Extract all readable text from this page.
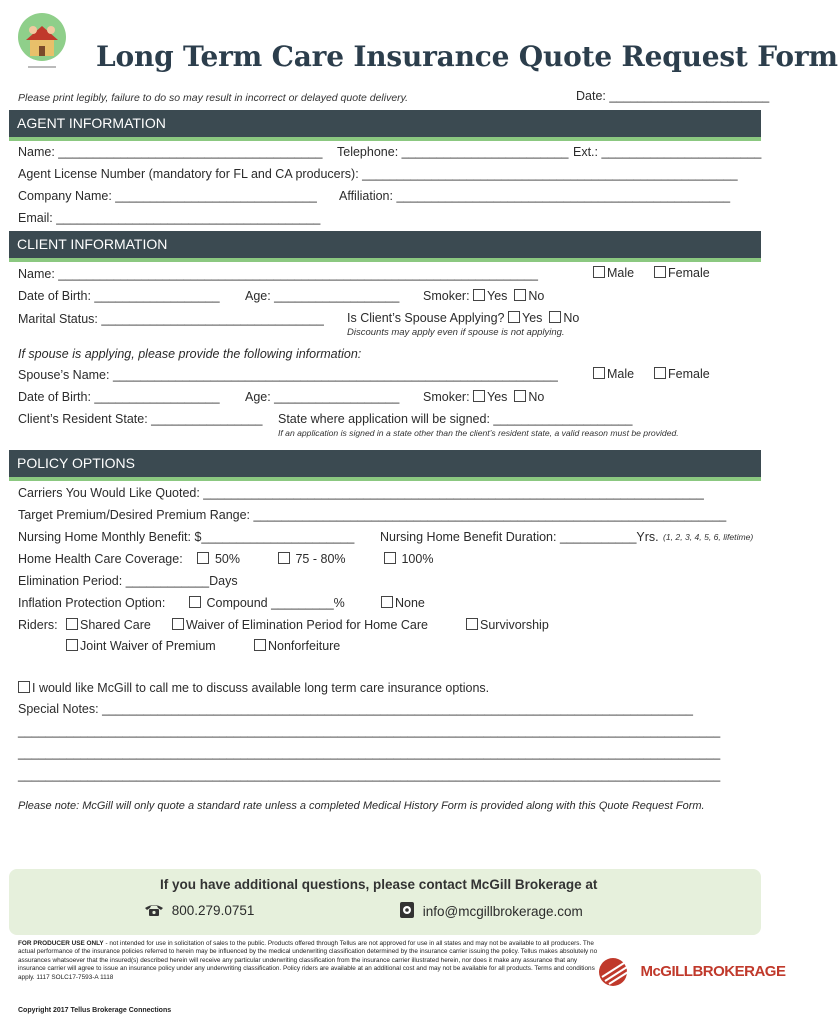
Long Term Care Insurance Quote Request Form
Please print legibly, failure to do so may result in incorrect or delayed quote delivery.	Date: _______________________
AGENT INFORMATION
Name: ______________________________________ Telephone: ________________________ Ext.: _______________________
Agent License Number (mandatory for FL and CA producers): ______________________________________________________
Company Name: _____________________________ Affiliation: ________________________________________________
Email: ______________________________________
CLIENT INFORMATION
Name: _____________________________________________________________________	Male	Female
Date of Birth: __________________ Age: __________________ Smoker: Yes No
Marital Status: ________________________________ Is Client’s Spouse Applying? Yes No
Discounts may apply even if spouse is not applying.
If spouse is applying, please provide the following information:
Spouse’s Name: ________________________________________________________________	Male	Female
Date of Birth: __________________ Age: __________________ Smoker: Yes No
Client’s Resident State: ________________ State where application will be signed: ____________________
If an application is signed in a state other than the client’s resident state, a valid reason must be provided.
POLICY OPTIONS
Carriers You Would Like Quoted: ________________________________________________________________________
Target Premium/Desired Premium Range: ____________________________________________________________________
Nursing Home Monthly Benefit: $______________________ Nursing Home Benefit Duration: ___________Yrs. (1, 2, 3, 4, 5, 6, lifetime)
Home Health Care Coverage:	50%	75 - 80%	100%
Elimination Period: ____________Days
Inflation Protection Option:	Compound _________%	None
Riders:	Shared Care	Waiver of Elimination Period for Home Care	Survivorship
Joint Waiver of Premium	Nonforfeiture
I would like McGill to call me to discuss available long term care insurance options.
Special Notes: _____________________________________________________________________________________
_____________________________________________________________________________________________________
_____________________________________________________________________________________________________
_____________________________________________________________________________________________________
Please note: McGill will only quote a standard rate unless a completed Medical History Form is provided along with this Quote Request Form.
If you have additional questions, please contact McGill Brokerage at
800.279.0751	info@mcgillbrokerage.com
FOR PRODUCER USE ONLY - not intended for use in solicitation of sales to the public. Products offered through Tellus are not approved for use in all states and may not be available to all producers. The actual performance of the insurance policies referred to herein may be influenced by the medical underwriting classification determined by the insurance carrier issuing the policy. Tellus makes absolutely no assurances whatsoever that the insured(s) described herein will receive any particular underwriting classification from the insurance carrier illustrated herein, nor does it make any assurance that any insurance carrier will agree to issue an insurance policy under any underwriting classification. Policy riders are available at an additional cost and may not be available for all products. Terms and conditions apply. 1117 SOLC17-7593-A 1118
Copyright 2017 Tellus Brokerage Connections
McGILLBROKERAGE
